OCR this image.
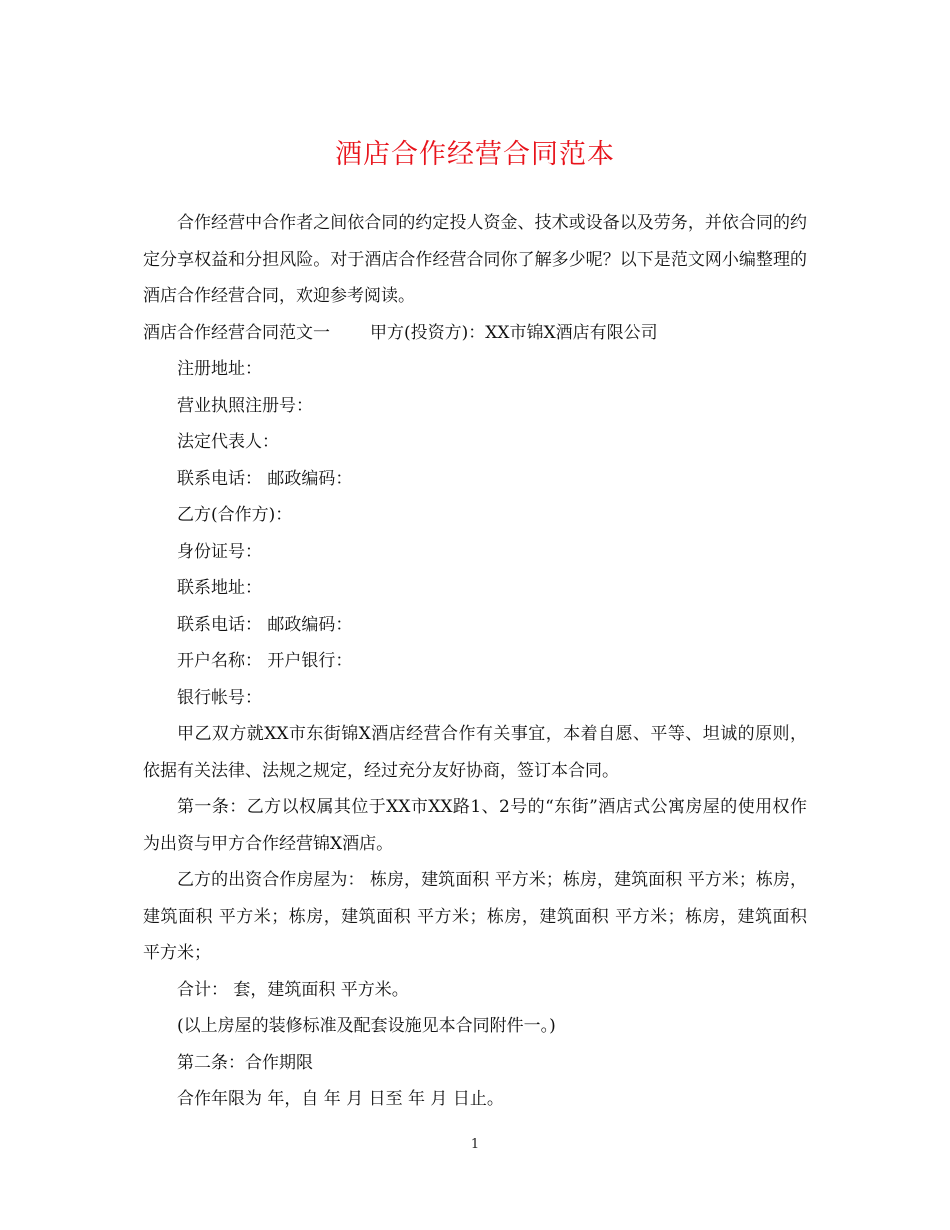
酒店合作经营合同范本

合作经营中合作者之间依合同的约定投人资金、技术或设备以及劳务，并依合同的约定分享权益和分担风险。对于酒店合作经营合同你了解多少呢？以下是范文网小编整理的酒店合作经营合同，欢迎参考阅读。

酒店合作经营合同范文一 甲方(投资方)：XX市锦X酒店有限公司

注册地址：

营业执照注册号：

法定代表人：

联系电话： 邮政编码：

乙方(合作方)：

身份证号：

联系地址：

联系电话： 邮政编码：

开户名称： 开户银行：

银行帐号：

甲乙双方就XX市东街锦X酒店经营合作有关事宜，本着自愿、平等、坦诚的原则，依据有关法律、法规之规定，经过充分友好协商，签订本合同。

第一条：乙方以权属其位于XX市XX路1、2号的“东街”酒店式公寓房屋的使用权作为出资与甲方合作经营锦X酒店。

乙方的出资合作房屋为： 栋房，建筑面积 平方米；栋房，建筑面积 平方米；栋房，建筑面积 平方米；栋房，建筑面积 平方米；栋房，建筑面积 平方米；栋房，建筑面积 平方米；

合计： 套，建筑面积 平方米。

(以上房屋的装修标准及配套设施见本合同附件一。)

第二条：合作期限

合作年限为 年，自 年 月 日至 年 月 日止。

1
